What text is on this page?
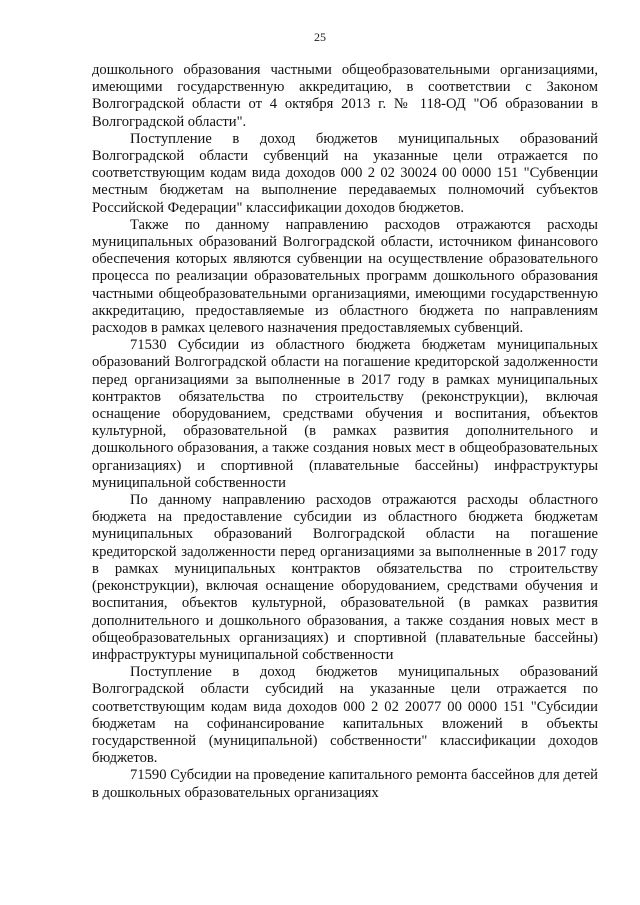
25

дошкольного образования частными общеобразовательными организациями, имеющими государственную аккредитацию, в соответствии с Законом Волгоградской области от 4 октября 2013 г. № 118-ОД "Об образовании в Волгоградской области".

Поступление в доход бюджетов муниципальных образований Волгоградской области субвенций на указанные цели отражается по соответствующим кодам вида доходов 000 2 02 30024 00 0000 151 "Субвенции местным бюджетам на выполнение передаваемых полномочий субъектов Российской Федерации" классификации доходов бюджетов.

Также по данному направлению расходов отражаются расходы муниципальных образований Волгоградской области, источником финансового обеспечения которых являются субвенции на осуществление образовательного процесса по реализации образовательных программ дошкольного образования частными общеобразовательными организациями, имеющими государственную аккредитацию, предоставляемые из областного бюджета по направлениям расходов в рамках целевого назначения предоставляемых субвенций.

71530 Субсидии из областного бюджета бюджетам муниципальных образований Волгоградской области на погашение кредиторской задолженности перед организациями за выполненные в 2017 году в рамках муниципальных контрактов обязательства по строительству (реконструкции), включая оснащение оборудованием, средствами обучения и воспитания, объектов культурной, образовательной (в рамках развития дополнительного и дошкольного образования, а также создания новых мест в общеобразовательных организациях) и спортивной (плавательные бассейны) инфраструктуры муниципальной собственности

По данному направлению расходов отражаются расходы областного бюджета на предоставление субсидии из областного бюджета бюджетам муниципальных образований Волгоградской области на погашение кредиторской задолженности перед организациями за выполненные в 2017 году в рамках муниципальных контрактов обязательства по строительству (реконструкции), включая оснащение оборудованием, средствами обучения и воспитания, объектов культурной, образовательной (в рамках развития дополнительного и дошкольного образования, а также создания новых мест в общеобразовательных организациях) и спортивной (плавательные бассейны) инфраструктуры муниципальной собственности

Поступление в доход бюджетов муниципальных образований Волгоградской области субсидий на указанные цели отражается по соответствующим кодам вида доходов 000 2 02 20077 00 0000 151 "Субсидии бюджетам на софинансирование капитальных вложений в объекты государственной (муниципальной) собственности" классификации доходов бюджетов.

71590 Субсидии на проведение капитального ремонта бассейнов для детей в дошкольных образовательных организациях
